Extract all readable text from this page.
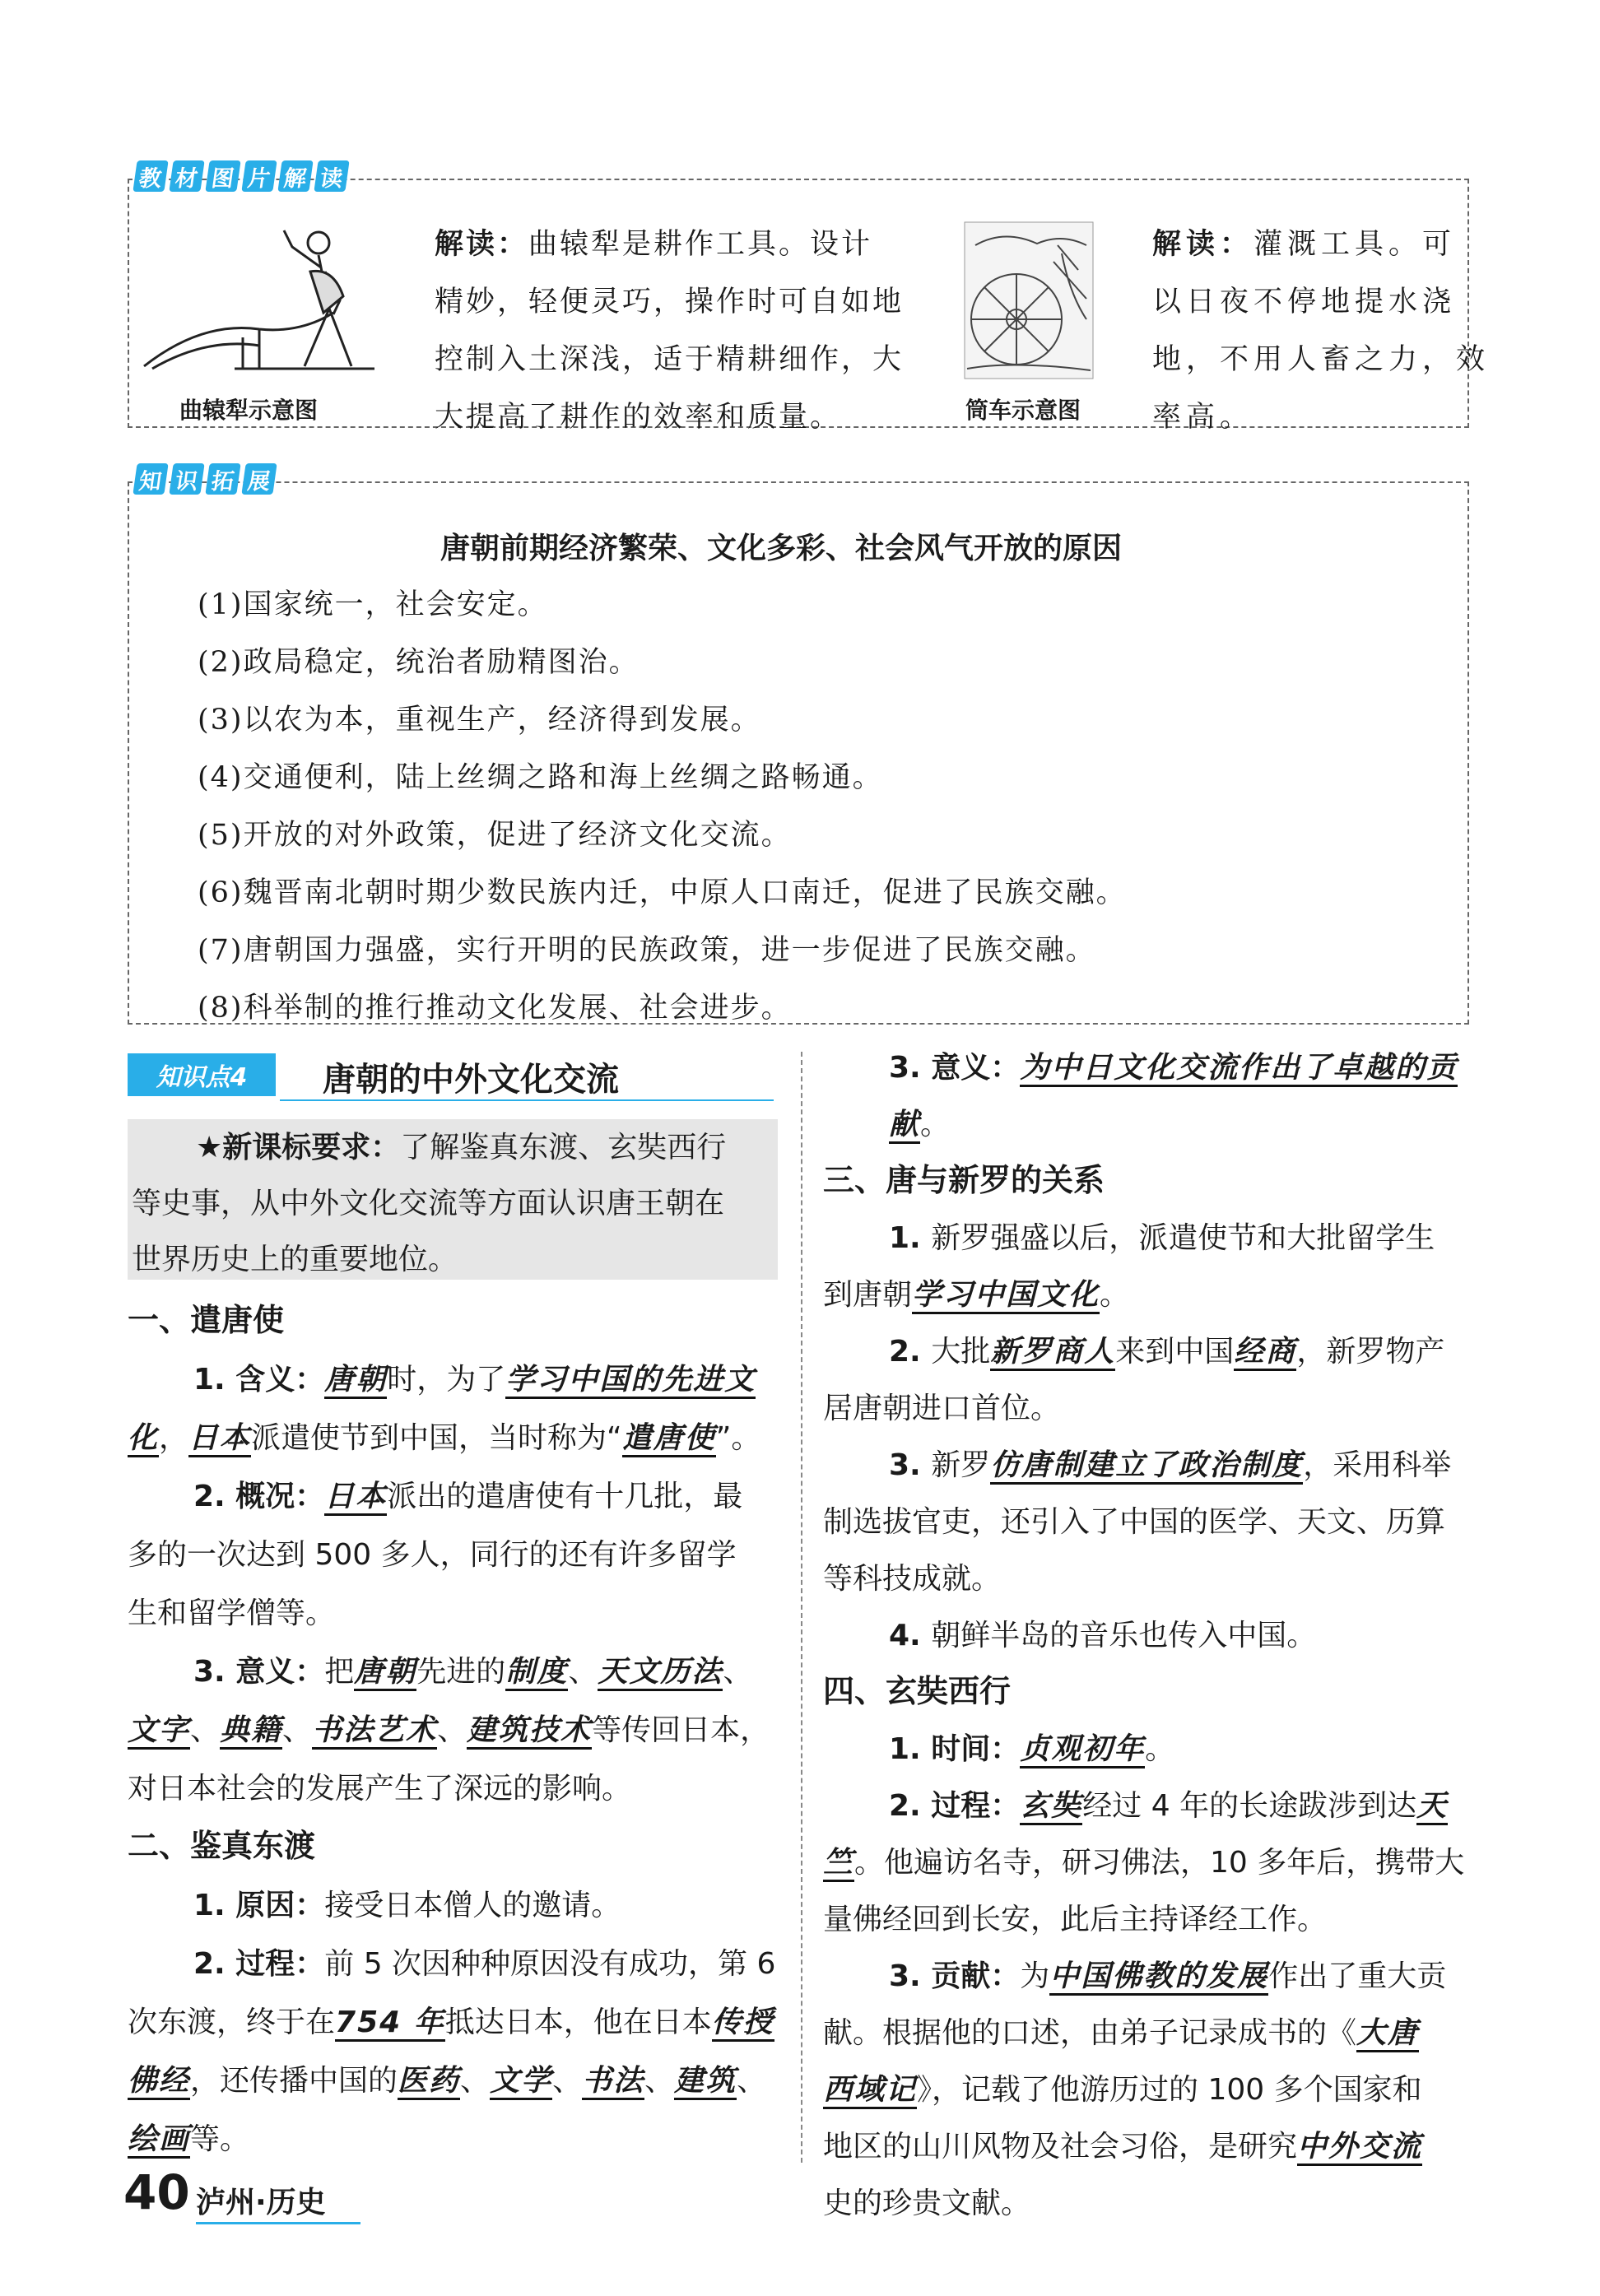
教 材 图 片 解 读
曲辕犁示意图
解读：曲辕犁是耕作工具。设计
精妙，轻便灵巧，操作时可自如地
控制入土深浅，适于精耕细作，大
大提高了耕作的效率和质量。	筒车示意图
解读：灌溉工具。可
以日夜不停地提水浇
地，不用人畜之力，效
率高。
知 识 拓 展
唐朝前期经济繁荣、文化多彩、社会风气开放的原因
(1)国家统一，社会安定。
(2)政局稳定，统治者励精图治。
(3)以农为本，重视生产，经济得到发展。
(4)交通便利，陆上丝绸之路和海上丝绸之路畅通。
(5)开放的对外政策，促进了经济文化交流。
(6)魏晋南北朝时期少数民族内迁，中原人口南迁，促进了民族交融。
(7)唐朝国力强盛，实行开明的民族政策，进一步促进了民族交融。
(8)科举制的推行推动文化发展、社会进步。
知识点4	唐朝的中外文化交流
★新课标要求：了解鉴真东渡、玄奘西行
等史事，从中外文化交流等方面认识唐王朝在
世界历史上的重要地位。
一、遣唐使
1. 含义：唐朝时，为了学习中国的先进文
化，日本派遣使节到中国，当时称为“遣唐使”。
2. 概况：日本派出的遣唐使有十几批，最
多的一次达到 500 多人，同行的还有许多留学
生和留学僧等。
3. 意义：把唐朝先进的制度、天文历法、
文字、典籍、书法艺术、建筑技术等传回日本，
对日本社会的发展产生了深远的影响。
二、鉴真东渡
1. 原因：接受日本僧人的邀请。
2. 过程：前 5 次因种种原因没有成功，第 6
次东渡，终于在754 年抵达日本，他在日本传授
佛经，还传播中国的医药、文学、书法、建筑、
绘画等。
3. 意义：为中日文化交流作出了卓越的贡献。
三、唐与新罗的关系
1. 新罗强盛以后，派遣使节和大批留学生
到唐朝学习中国文化。
2. 大批新罗商人来到中国经商，新罗物产
居唐朝进口首位。
3. 新罗仿唐制建立了政治制度，采用科举
制选拔官吏，还引入了中国的医学、天文、历算
等科技成就。
4. 朝鲜半岛的音乐也传入中国。
四、玄奘西行
1. 时间：贞观初年。
2. 过程：玄奘经过 4 年的长途跋涉到达天
竺。他遍访名寺，研习佛法，10 多年后，携带大
量佛经回到长安，此后主持译经工作。
3. 贡献：为中国佛教的发展作出了重大贡
献。根据他的口述，由弟子记录成书的《大唐
西域记》，记载了他游历过的 100 多个国家和
地区的山川风物及社会习俗，是研究中外交流
史的珍贵文献。
40 泸州·历史
